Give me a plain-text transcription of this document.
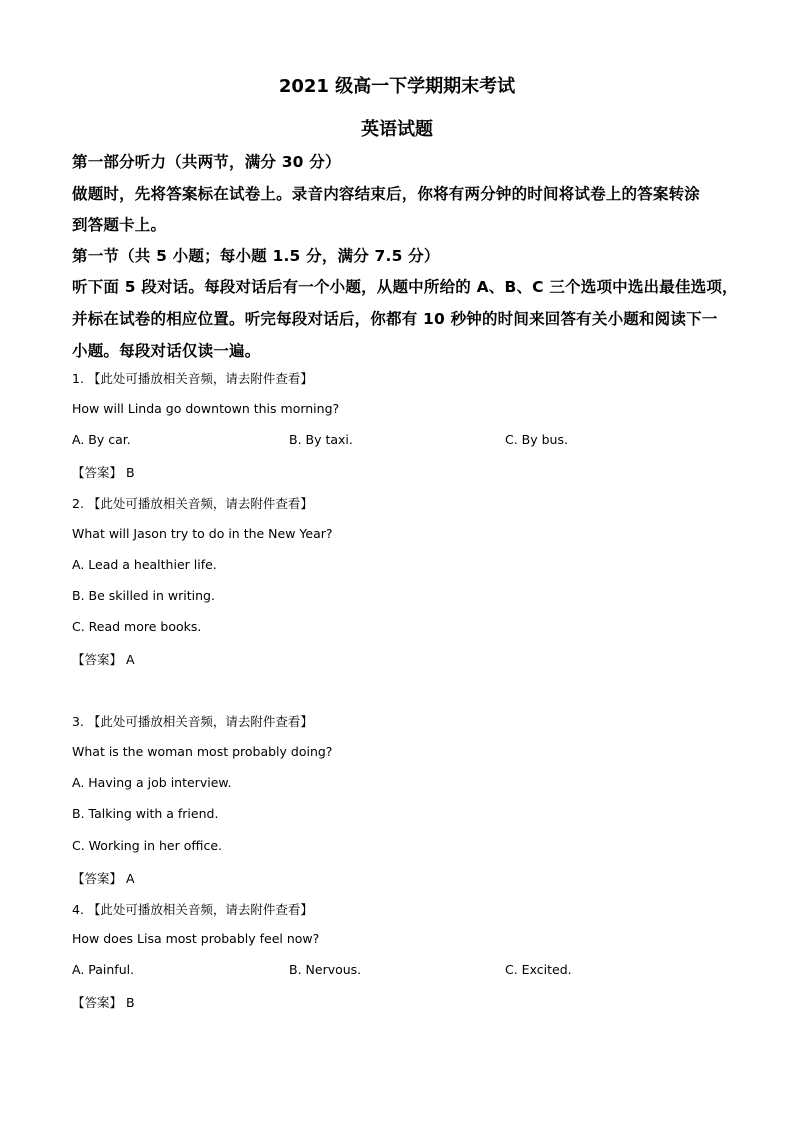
2021 级高一下学期期末考试
英语试题
第一部分听力（共两节，满分 30 分）
做题时，先将答案标在试卷上。录音内容结束后，你将有两分钟的时间将试卷上的答案转涂
到答题卡上。
第一节（共 5 小题；每小题 1.5 分，满分 7.5 分）
听下面 5 段对话。每段对话后有一个小题，从题中所给的 A、B、C 三个选项中选出最佳选项，
并标在试卷的相应位置。听完每段对话后，你都有 10 秒钟的时间来回答有关小题和阅读下一
小题。每段对话仅读一遍。
1. 【此处可播放相关音频，请去附件查看】
How will Linda go downtown this morning?
A. By car.	B. By taxi.	C. By bus.
【答案】 B
2. 【此处可播放相关音频，请去附件查看】
What will Jason try to do in the New Year?
A. Lead a healthier life.
B. Be skilled in writing.
C. Read more books.
【答案】 A
3. 【此处可播放相关音频，请去附件查看】
What is the woman most probably doing?
A. Having a job interview.
B. Talking with a friend.
C. Working in her office.
【答案】 A
4. 【此处可播放相关音频，请去附件查看】
How does Lisa most probably feel now?
A. Painful.	B. Nervous.	C. Excited.
【答案】 B
